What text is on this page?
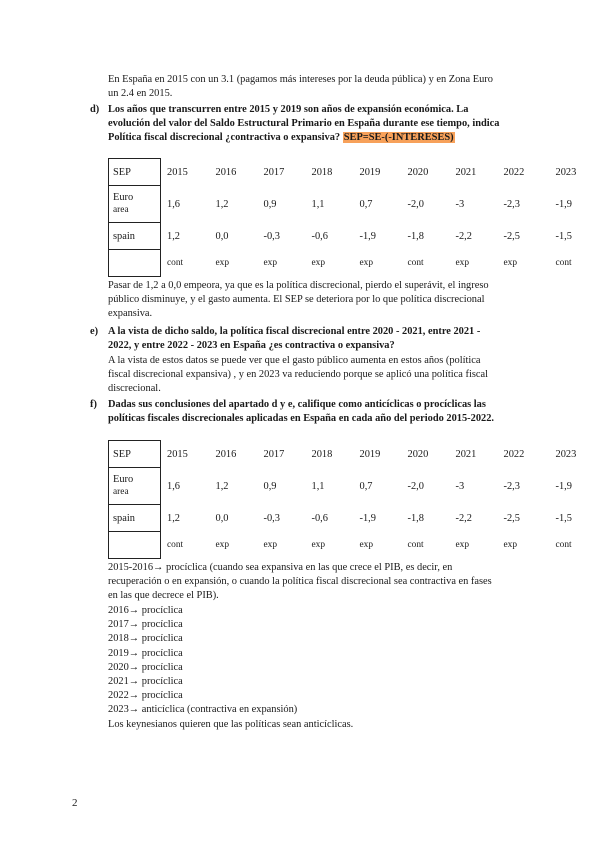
En España en 2015 con un 3.1 (pagamos más intereses por la deuda pública) y en Zona Euro
un 2.4 en 2015.
d) Los años que transcurren entre 2015 y 2019 son años de expansión económica. La
evolución del valor del Saldo Estructural Primario en España durante ese tiempo, indica
Política fiscal discrecional ¿contractiva o expansiva? SEP=SE-(-INTERESES)
SEP	2015	2016	2017	2018	2019	2020	2021	2022	2023

Euro
area	1,6	1,2	0,9	1,1	0,7	-2,0	-3	-2,3	-1,9
spain	1,2	0,0	-0,3	-0,6	-1,9	-1,8	-2,2	-2,5	-1,5
	cont	exp	exp	exp	exp	cont	exp	exp	cont
Pasar de 1,2 a 0,0 empeora, ya que es la política discrecional, pierdo el superávit, el ingreso
público disminuye, y el gasto aumenta. El SEP se deteriora por lo que política discrecional
expansiva.
e) A la vista de dicho saldo, la política fiscal discrecional entre 2020 - 2021, entre 2021 -
2022, y entre 2022 - 2023 en España ¿es contractiva o expansiva?
A la vista de estos datos se puede ver que el gasto público aumenta en estos años (política
fiscal discrecional expansiva) , y en 2023 va reduciendo porque se aplicó una política fiscal
discrecional.
f) Dadas sus conclusiones del apartado d y e, califique como anticíclicas o procíclicas las
políticas fiscales discrecionales aplicadas en España en cada año del periodo 2015-2022.
SEP	2015	2016	2017	2018	2019	2020	2021	2022	2023

Euro
area	1,6	1,2	0,9	1,1	0,7	-2,0	-3	-2,3	-1,9
spain	1,2	0,0	-0,3	-0,6	-1,9	-1,8	-2,2	-2,5	-1,5
	cont	exp	exp	exp	exp	cont	exp	exp	cont
2015-2016→ procíclica (cuando sea expansiva en las que crece el PIB, es decir, en
recuperación o en expansión, o cuando la política fiscal discrecional sea contractiva en fases
en las que decrece el PIB).
2016→ procíclica
2017→ procíclica
2018→ procíclica
2019→ procíclica
2020→ procíclica
2021→ procíclica
2022→ procíclica
2023→ anticíclica (contractiva en expansión)
Los keynesianos quieren que las políticas sean anticíclicas.
2
